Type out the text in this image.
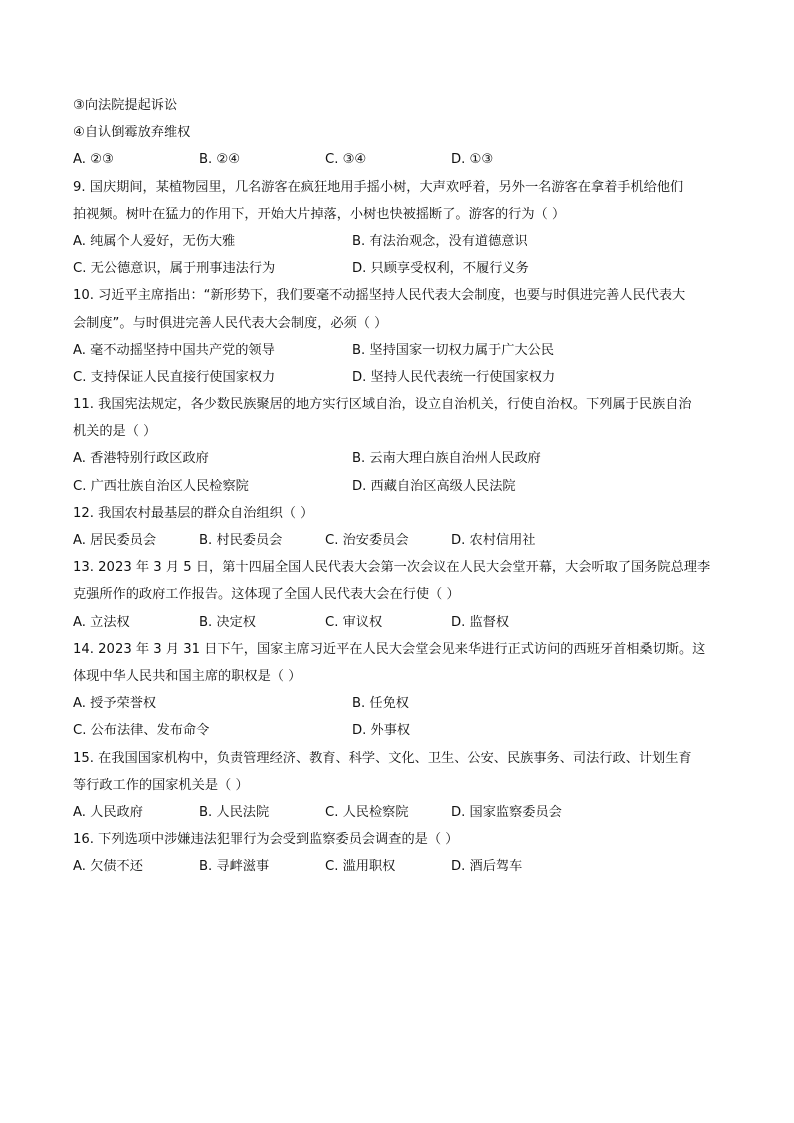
③向法院提起诉讼
④自认倒霉放弃维权
A. ②③	B. ②④	C. ③④	D. ①③
9. 国庆期间，某植物园里，几名游客在疯狂地用手摇小树，大声欢呼着，另外一名游客在拿着手机给他们
拍视频。树叶在猛力的作用下，开始大片掉落，小树也快被摇断了。游客的行为（ ）
A. 纯属个人爱好，无伤大雅	B. 有法治观念，没有道德意识
C. 无公德意识，属于刑事违法行为	D. 只顾享受权利，不履行义务
10. 习近平主席指出：“新形势下，我们要毫不动摇坚持人民代表大会制度，也要与时俱进完善人民代表大
会制度”。与时俱进完善人民代表大会制度，必须（ ）
A. 毫不动摇坚持中国共产党的领导	B. 坚持国家一切权力属于广大公民
C. 支持保证人民直接行使国家权力	D. 坚持人民代表统一行使国家权力
11. 我国宪法规定，各少数民族聚居的地方实行区域自治，设立自治机关，行使自治权。下列属于民族自治
机关的是（ ）
A. 香港特别行政区政府	B. 云南大理白族自治州人民政府
C. 广西壮族自治区人民检察院	D. 西藏自治区高级人民法院
12. 我国农村最基层的群众自治组织（ ）
A. 居民委员会	B. 村民委员会	C. 治安委员会	D. 农村信用社
13. 2023 年 3 月 5 日，第十四届全国人民代表大会第一次会议在人民大会堂开幕，大会听取了国务院总理李
克强所作的政府工作报告。这体现了全国人民代表大会在行使（ ）
A. 立法权	B. 决定权	C. 审议权	D. 监督权
14. 2023 年 3 月 31 日下午，国家主席习近平在人民大会堂会见来华进行正式访问的西班牙首相桑切斯。这
体现中华人民共和国主席的职权是（ ）
A. 授予荣誉权	B. 任免权
C. 公布法律、发布命令	D. 外事权
15. 在我国国家机构中，负责管理经济、教育、科学、文化、卫生、公安、民族事务、司法行政、计划生育
等行政工作的国家机关是（ ）
A. 人民政府	B. 人民法院	C. 人民检察院	D. 国家监察委员会
16. 下列选项中涉嫌违法犯罪行为会受到监察委员会调查的是（ ）
A. 欠债不还	B. 寻衅滋事	C. 滥用职权	D. 酒后驾车
